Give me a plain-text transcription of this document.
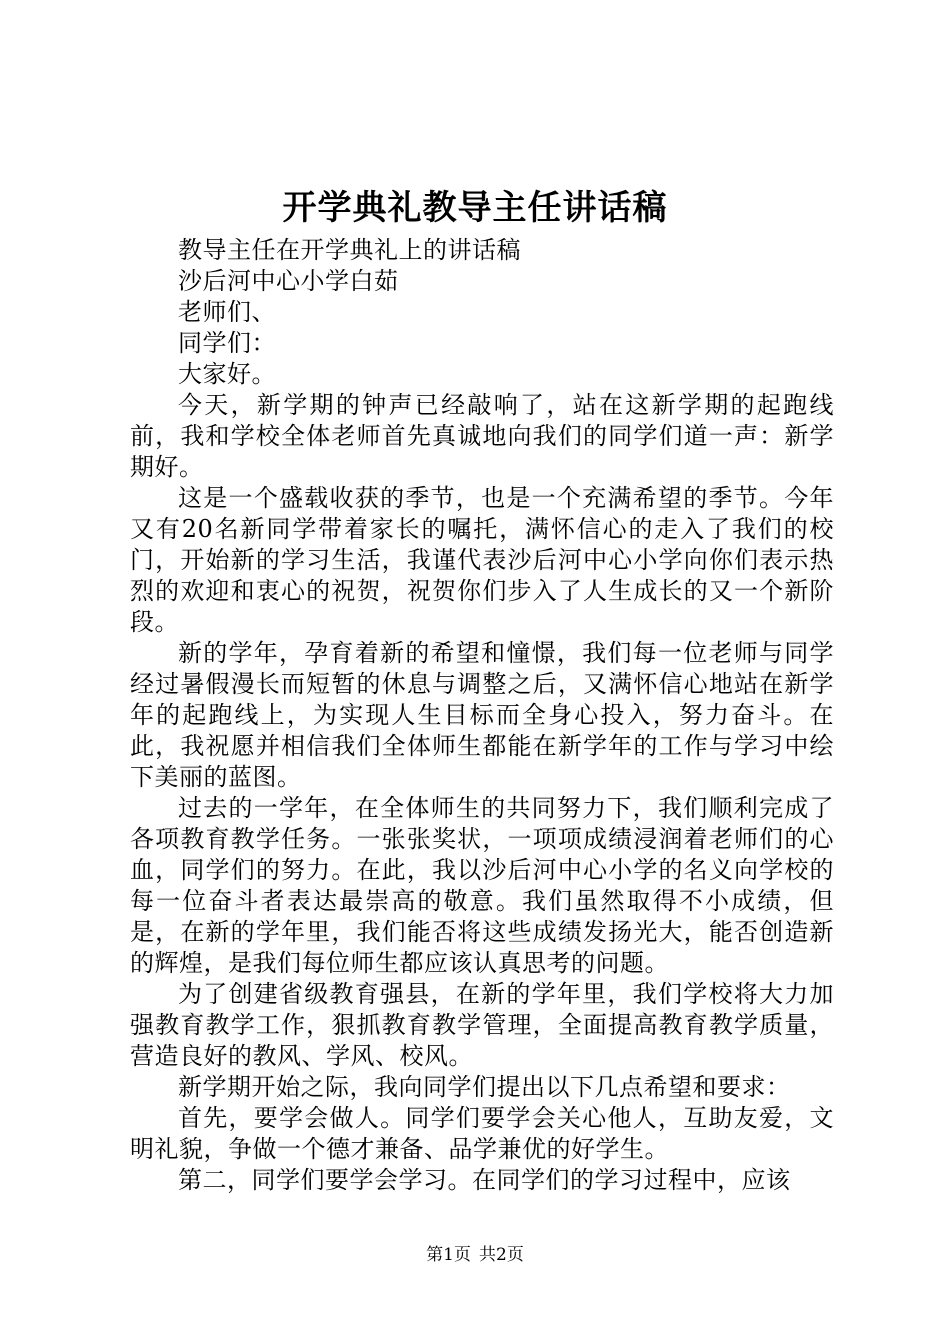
开学典礼教导主任讲话稿

教导主任在开学典礼上的讲话稿

沙后河中心小学白茹

老师们、

同学们：

大家好。

今天，新学期的钟声已经敲响了，站在这新学期的起跑线前，我和学校全体老师首先真诚地向我们的同学们道一声：新学期好。

这是一个盛载收获的季节，也是一个充满希望的季节。今年又有20名新同学带着家长的嘱托，满怀信心的走入了我们的校门，开始新的学习生活，我谨代表沙后河中心小学向你们表示热烈的欢迎和衷心的祝贺，祝贺你们步入了人生成长的又一个新阶段。

新的学年，孕育着新的希望和憧憬，我们每一位老师与同学经过暑假漫长而短暂的休息与调整之后，又满怀信心地站在新学年的起跑线上，为实现人生目标而全身心投入，努力奋斗。在此，我祝愿并相信我们全体师生都能在新学年的工作与学习中绘下美丽的蓝图。

过去的一学年，在全体师生的共同努力下，我们顺利完成了各项教育教学任务。一张张奖状，一项项成绩浸润着老师们的心血，同学们的努力。在此，我以沙后河中心小学的名义向学校的每一位奋斗者表达最崇高的敬意。我们虽然取得不小成绩，但是，在新的学年里，我们能否将这些成绩发扬光大，能否创造新的辉煌，是我们每位师生都应该认真思考的问题。

为了创建省级教育强县，在新的学年里，我们学校将大力加强教育教学工作，狠抓教育教学管理，全面提高教育教学质量，营造良好的教风、学风、校风。

新学期开始之际，我向同学们提出以下几点希望和要求：

首先，要学会做人。同学们要学会关心他人，互助友爱，文明礼貌，争做一个德才兼备、品学兼优的好学生。

第二，同学们要学会学习。在同学们的学习过程中，应该

第1页 共2页
